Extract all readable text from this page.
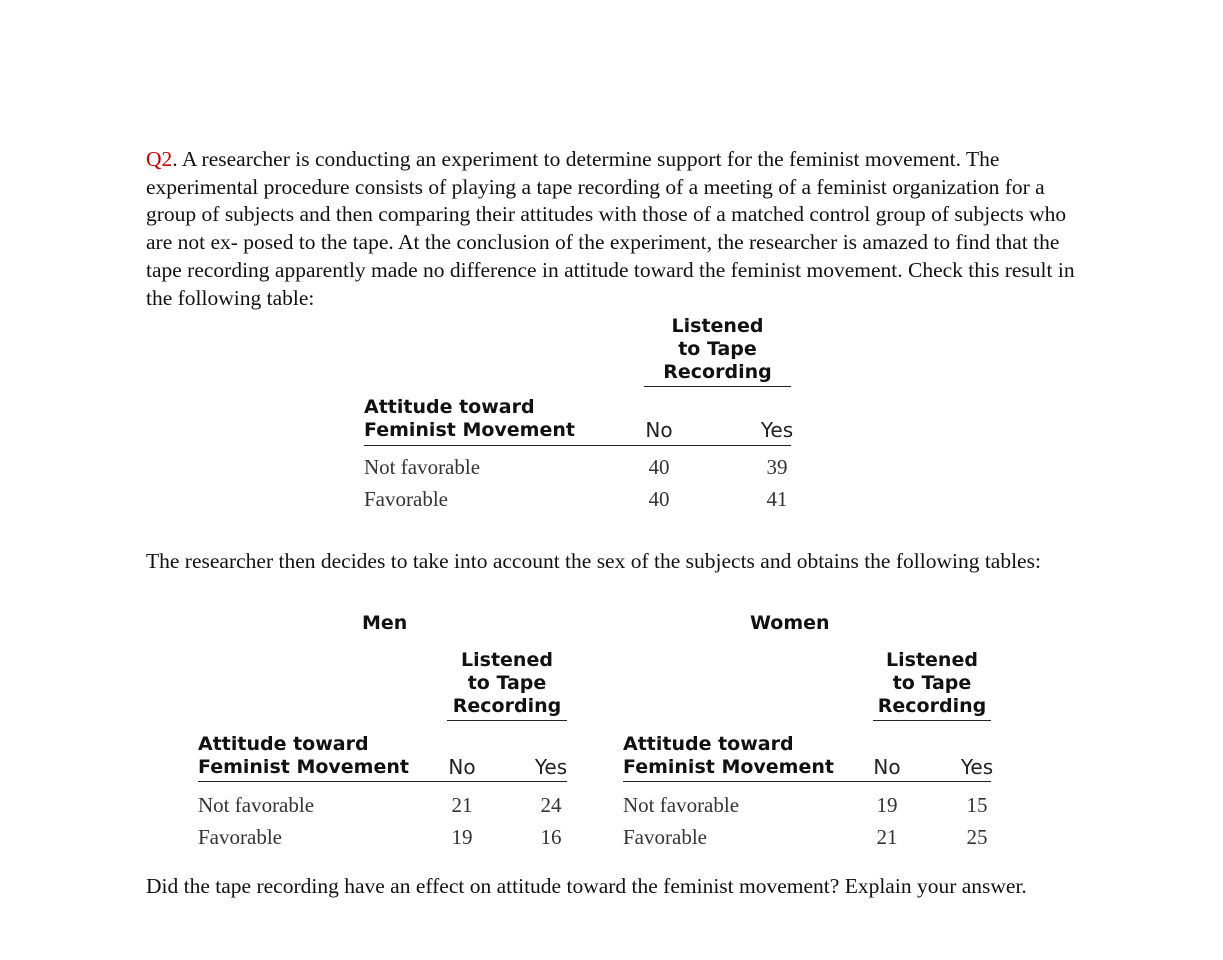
Q2. A researcher is conducting an experiment to determine support for the feminist movement. The experimental procedure consists of playing a tape recording of a meeting of a feminist organization for a group of subjects and then comparing their attitudes with those of a matched control group of subjects who are not ex- posed to the tape. At the conclusion of the experiment, the researcher is amazed to find that the tape recording apparently made no difference in attitude toward the feminist movement. Check this result in the following table:

Listened
to Tape
Recording
Attitude toward
Feminist Movement	No	Yes
Not favorable	40	39
Favorable	40	41

The researcher then decides to take into account the sex of the subjects and obtains the following tables:

Men
Listened
to Tape
Recording
Attitude toward
Feminist Movement	No	Yes
Not favorable	21	24
Favorable	19	16
Women
Listened
to Tape
Recording
Attitude toward
Feminist Movement	No	Yes
Not favorable	19	15
Favorable	21	25

Did the tape recording have an effect on attitude toward the feminist movement? Explain your answer.
